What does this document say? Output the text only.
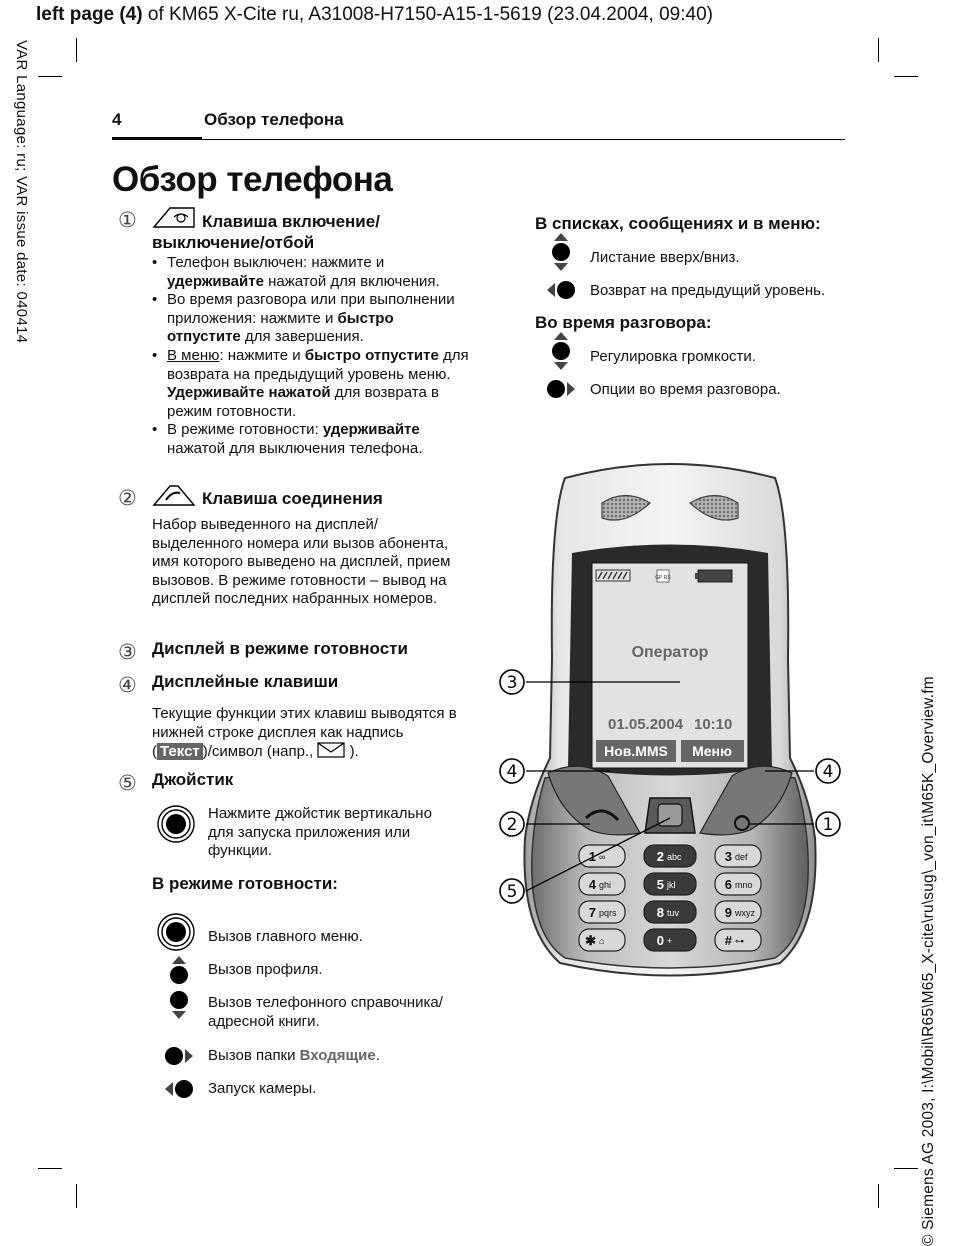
left page (4) of KM65 X-Cite ru, A31008-H7150-A15-1-5619 (23.04.2004, 09:40)
VAR Language: ru; VAR issue date: 040414
© Siemens AG 2003, I:\Mobil\R65\M65_X-cite\ru\sug\_von_it\M65K_Overview.fm
4	Обзор телефона
Обзор телефона
①	Клавиша включение/
выключение/отбой
• Телефон выключен: нажмите и
удерживайте нажатой для включения.
• Во время разговора или при выполнении приложения: нажмите и быстро отпустите для завершения.
• В меню: нажмите и быстро отпустите для возврата на предыдущий уровень меню.
Удерживайте нажатой для возврата в режим готовности.
• В режиме готовности: удерживайте нажатой для выключения телефона.
②	Клавиша соединения
Набор выведенного на дисплей/выделенного номера или вызов абонента, имя которого выведено на дисплей, прием вызовов. В режиме готовности – вывод на дисплей последних набранных номеров.
③ Дисплей в режиме готовности
④ Дисплейные клавиши
Текущие функции этих клавиш выводятся в нижней строке дисплея как надпись ( Текст )/символ (напр.,  ).
⑤ Джойстик
Нажмите джойстик вертикально для запуска приложения или функции.
В режиме готовности:
Вызов главного меню.
Вызов профиля.
Вызов телефонного справочника/адресной книги.
Вызов папки Входящие.
Запуск камеры.
В списках, сообщениях и в меню:
Листание вверх/вниз.
Возврат на предыдущий уровень.
Во время разговора:
Регулировка громкости.
Опции во время разговора.
GP RS
Оператор
01.05.2004 10:10
Нов.MMS Меню
1 ∞	2 abc	3 def
4 ghi	5 jkl	6 mno
7 pqrs	8 tuv	9 wxyz
✱ ⌂	0 +	# ⊶
3
4	4
2	1
5
